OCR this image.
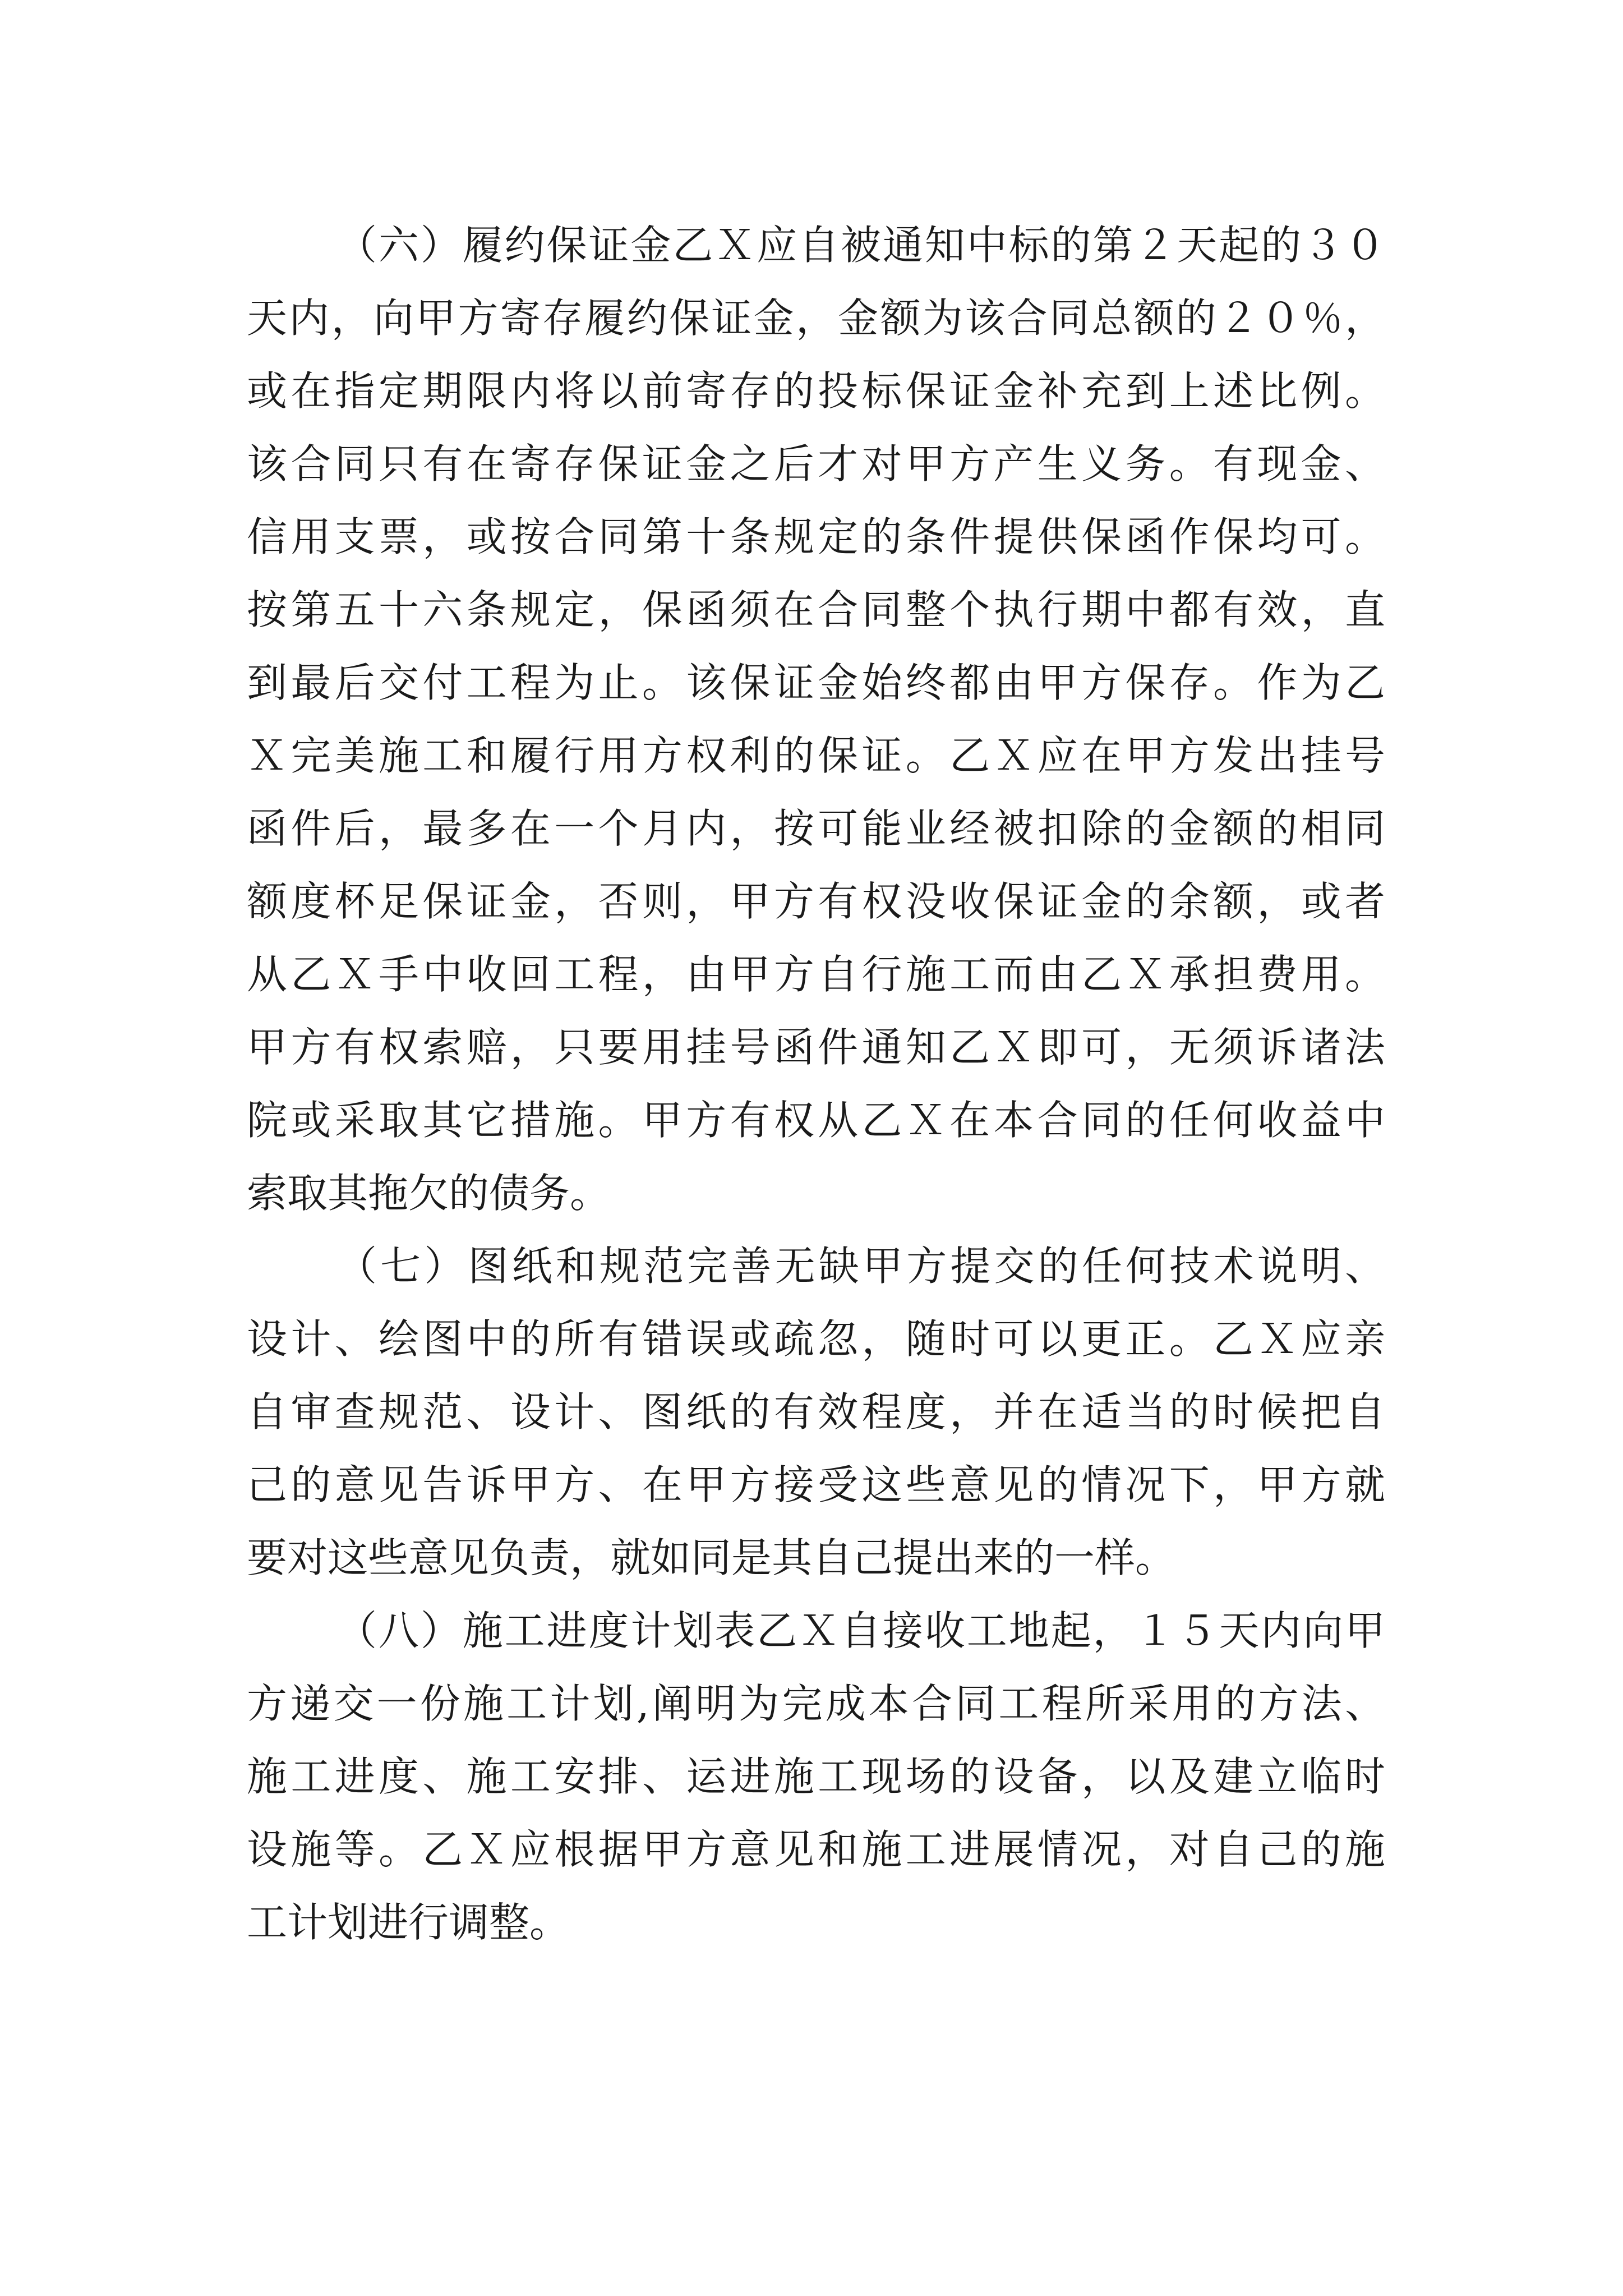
（六）履约保证金乙Ｘ应自被通知中标的第２天起的３０
天内，向甲方寄存履约保证金，金额为该合同总额的２０％，
或在指定期限内将以前寄存的投标保证金补充到上述比例。
该合同只有在寄存保证金之后才对甲方产生义务。有现金、
信用支票，或按合同第十条规定的条件提供保函作保均可。
按第五十六条规定，保函须在合同整个执行期中都有效，直
到最后交付工程为止。该保证金始终都由甲方保存。作为乙
Ｘ完美施工和履行用方权利的保证。乙Ｘ应在甲方发出挂号
函件后，最多在一个月内，按可能业经被扣除的金额的相同
额度杯足保证金，否则，甲方有权没收保证金的余额，或者
从乙Ｘ手中收回工程，由甲方自行施工而由乙Ｘ承担费用。
甲方有权索赔，只要用挂号函件通知乙Ｘ即可，无须诉诸法
院或采取其它措施。甲方有权从乙Ｘ在本合同的任何收益中
索取其拖欠的债务。
（七）图纸和规范完善无缺甲方提交的任何技术说明、
设计、绘图中的所有错误或疏忽，随时可以更正。乙Ｘ应亲
自审查规范、设计、图纸的有效程度，并在适当的时候把自
己的意见告诉甲方、在甲方接受这些意见的情况下，甲方就
要对这些意见负责，就如同是其自己提出来的一样。
（八）施工进度计划表乙Ｘ自接收工地起，１５天内向甲
方递交一份施工计划,阐明为完成本合同工程所采用的方法、
施工进度、施工安排、运进施工现场的设备，以及建立临时
设施等。乙Ｘ应根据甲方意见和施工进展情况，对自己的施
工计划进行调整。
